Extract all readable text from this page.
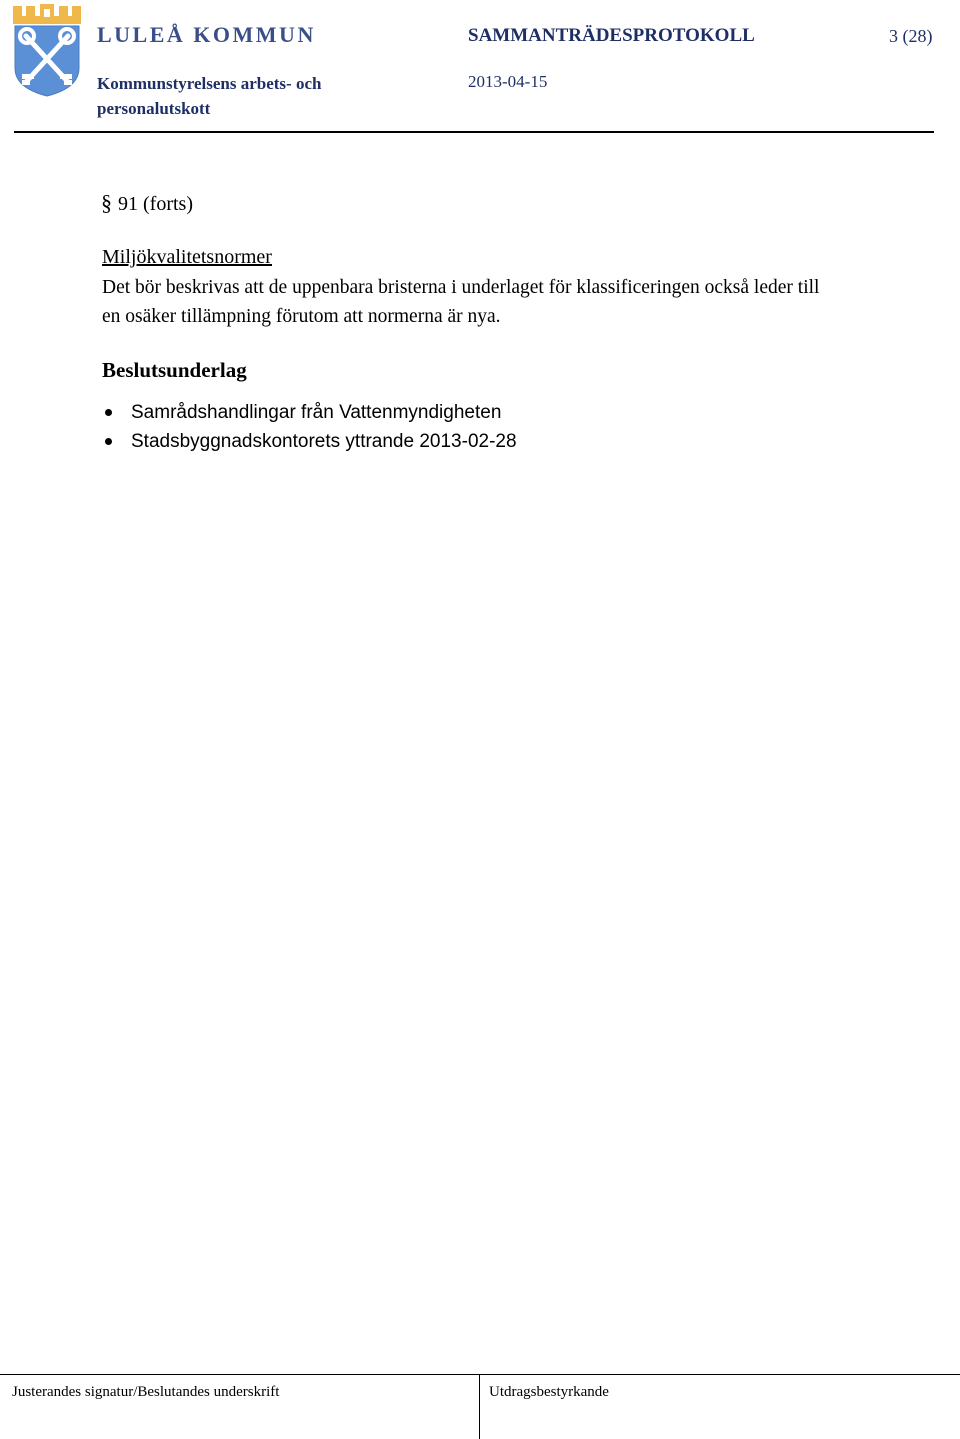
LULEÅ KOMMUN	SAMMANTRÄDESPROTOKOLL	3 (28)
Kommunstyrelsens arbets- och personalutskott
2013-04-15
§ 91 (forts)
Miljökvalitetsnormer
Det bör beskrivas att de uppenbara bristerna i underlaget för klassificeringen också leder till en osäker tillämpning förutom att normerna är nya.
Beslutsunderlag
Samrådshandlingar från Vattenmyndigheten
Stadsbyggnadskontorets yttrande 2013-02-28
Justerandes signatur/Beslutandes underskrift	Utdragsbestyrkande
